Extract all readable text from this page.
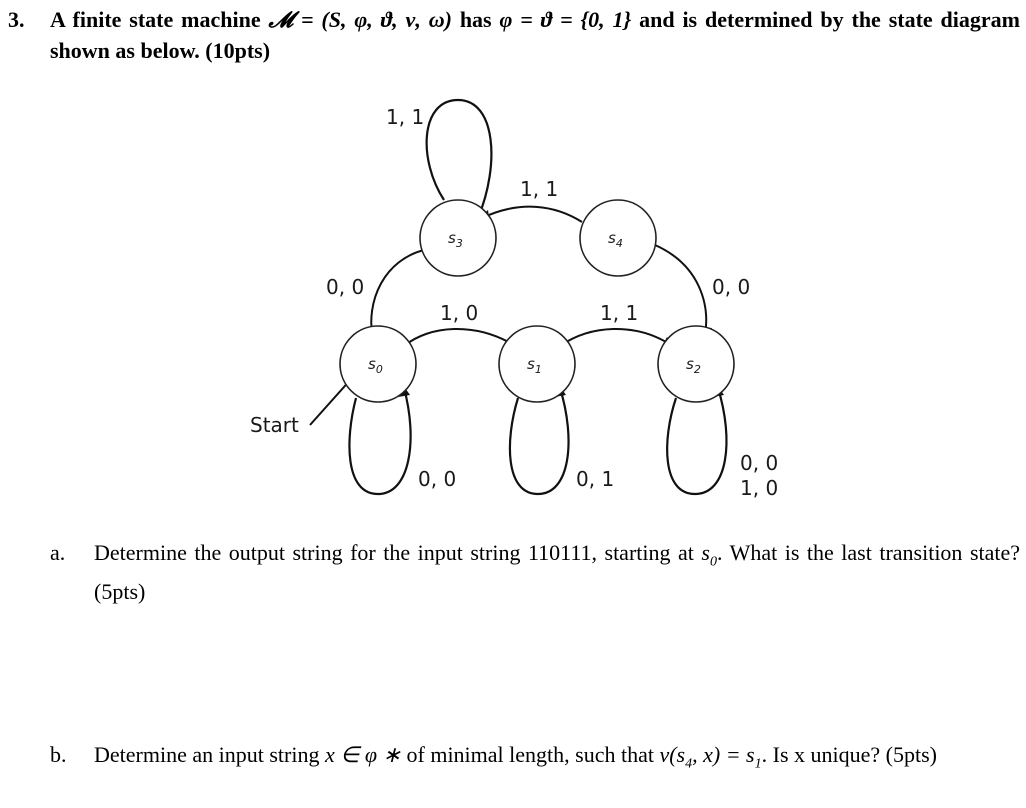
3. A finite state machine 𝓜 = (S, φ, ϑ, ν, ω) has φ = ϑ = {0, 1} and is determined by the state diagram shown as below. (10pts)
$s_3$	$s_4$
$s_0$	$s_1$	$s_2$
1, 1
1, 1
0, 0	0, 0
1, 0	1, 1
Start
0, 0	0, 1
0, 0
1, 0
a. Determine the output string for the input string 110111, starting at $s_0$. What is the last transition state? (5pts)
b. Determine an input string x ∈ φ ∗ of minimal length, such that $\nu(s_4$, $x) = s_1$. Is x unique? (5pts)
